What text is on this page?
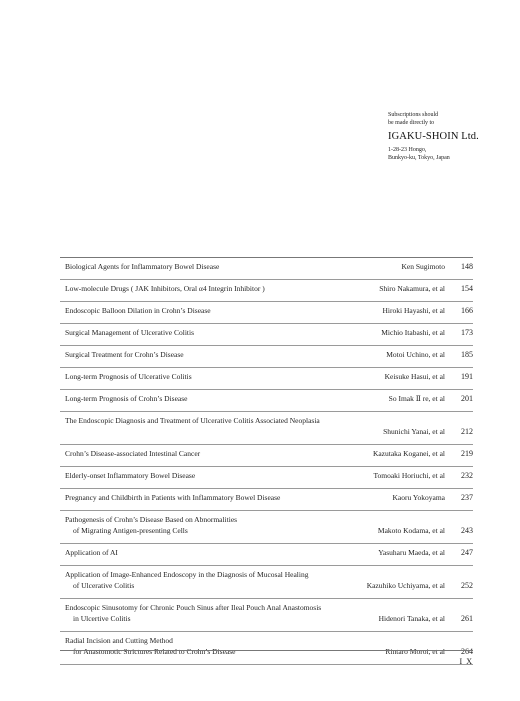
Subscriptions should
be made directly to
IGAKU-SHOIN Ltd.
1-28-23 Hongo,
Bunkyo-ku, Tokyo, Japan
Biological Agents for Inflammatory Bowel Disease	Ken Sugimoto	148
Low-molecule Drugs ( JAK Inhibitors, Oral α4 Integrin Inhibitor )	Shiro Nakamura, et al	154
Endoscopic Balloon Dilation in Crohn’s Disease	Hiroki Hayashi, et al	166
Surgical Management of Ulcerative Colitis	Michio Itabashi, et al	173
Surgical Treatment for Crohn’s Disease	Motoi Uchino, et al	185
Long-term Prognosis of Ulcerative Colitis	Keisuke Hasui, et al	191
Long-term Prognosis of Crohn’s Disease	So Imak Ⅱ re, et al	201
The Endoscopic Diagnosis and Treatment of Ulcerative Colitis Associated Neoplasia
Shunichi Yanai, et al	212
Crohn’s Disease-associated Intestinal Cancer	Kazutaka Koganei, et al	219
Elderly-onset Inflammatory Bowel Disease	Tomoaki Horiuchi, et al	232
Pregnancy and Childbirth in Patients with Inflammatory Bowel Disease	Kaoru Yokoyama	237
Pathogenesis of Crohn’s Disease Based on Abnormalities
of Migrating Antigen-presenting Cells	Makoto Kodama, et al	243
Application of AI	Yasuharu Maeda, et al	247
Application of Image-Enhanced Endoscopy in the Diagnosis of Mucosal Healing
of Ulcerative Colitis	Kazuhiko Uchiyama, et al	252
Endoscopic Sinusotomy for Chronic Pouch Sinus after Ileal Pouch Anal Anastomosis
in Ulcertive Colitis	Hidenori Tanaka, et al	261
Radial Incision and Cutting Method
for Anastomotic Strictures Related to Crohn’s Disease	Rintaro Moroi, et al	264
I X
